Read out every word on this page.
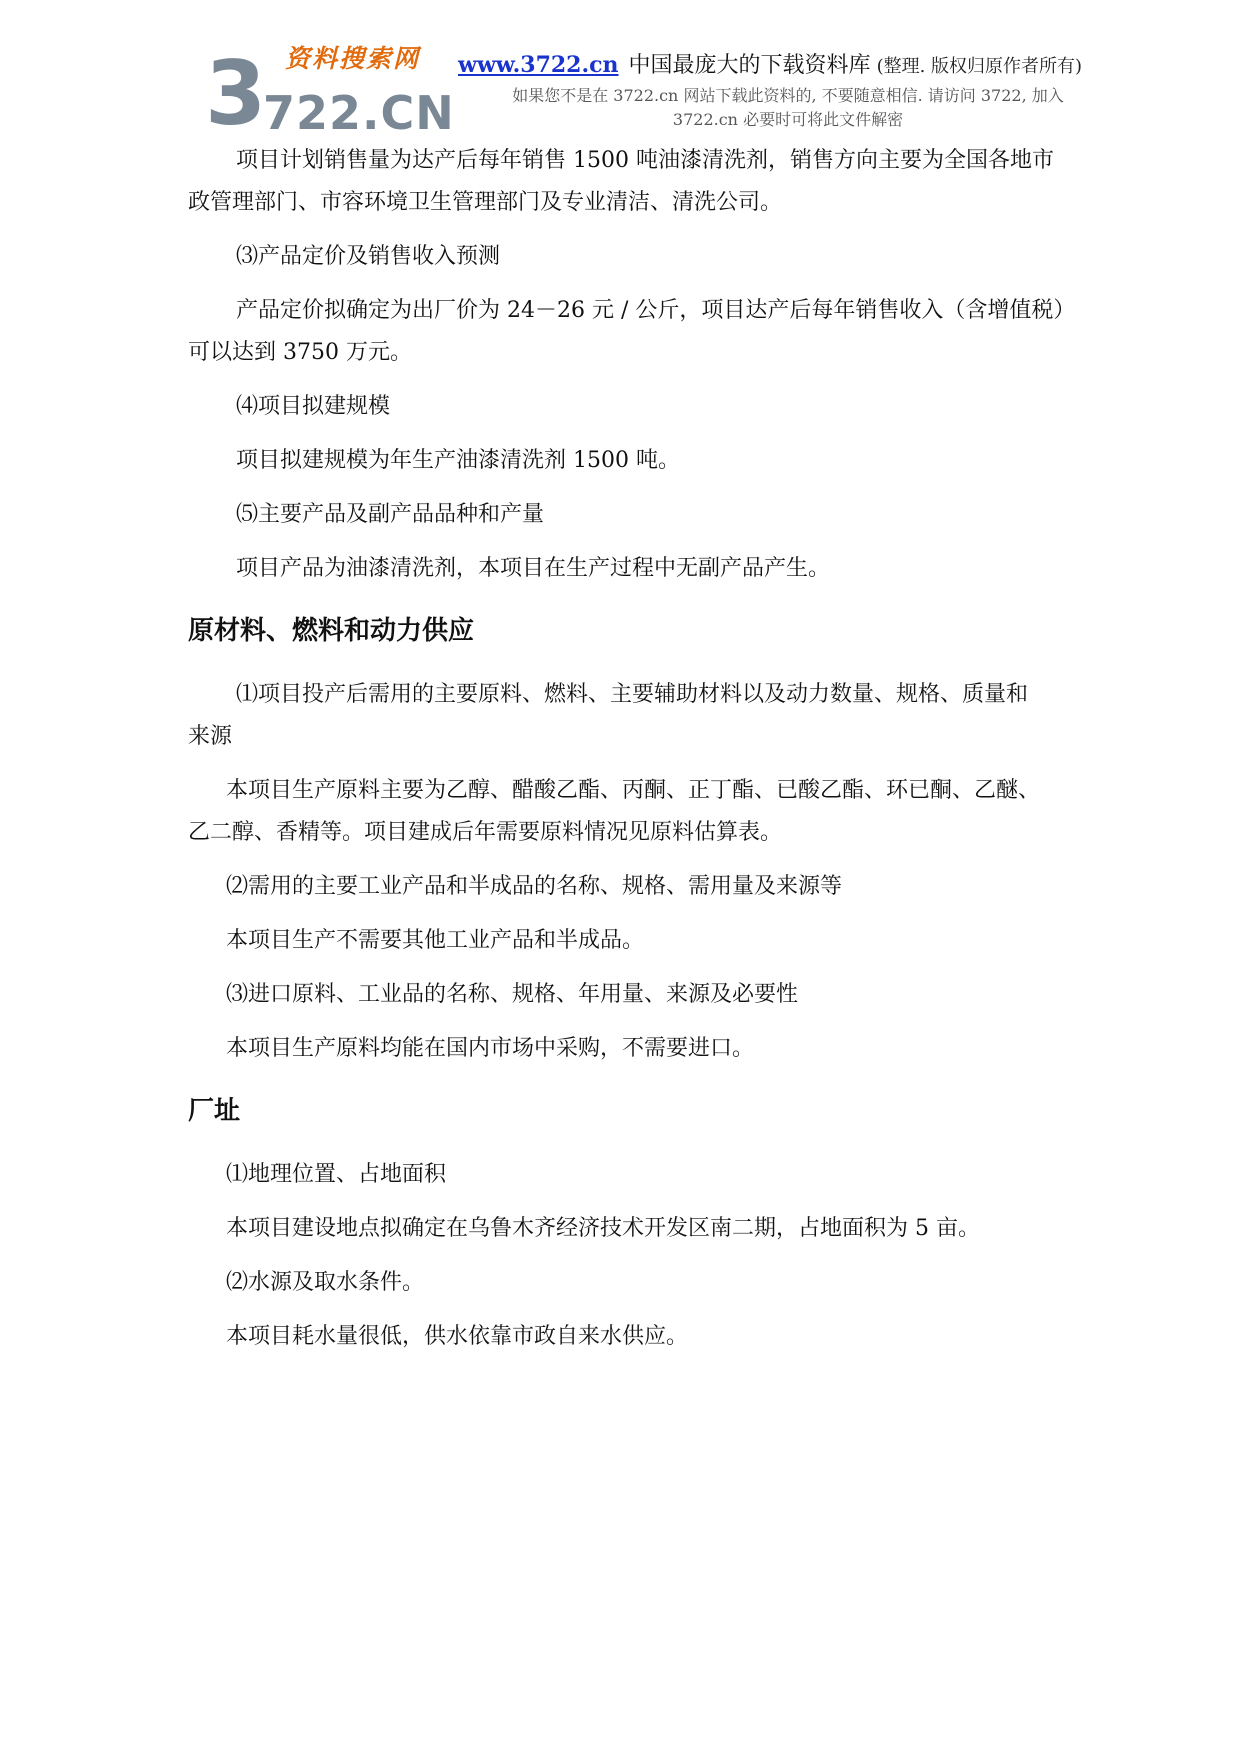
3 资料搜索网
722.CN
www.3722.cn 中国最庞大的下载资料库 (整理. 版权归原作者所有)
如果您不是在 3722.cn 网站下载此资料的, 不要随意相信. 请访问 3722, 加入
3722.cn 必要时可将此文件解密

项目计划销售量为达产后每年销售 1500 吨油漆清洗剂，销售方向主要为全国各地市

政管理部门、市容环境卫生管理部门及专业清洁、清洗公司。

⑶产品定价及销售收入预测

产品定价拟确定为出厂价为 24－26 元 / 公斤，项目达产后每年销售收入（含增值税）

可以达到 3750 万元。

⑷项目拟建规模

项目拟建规模为年生产油漆清洗剂 1500 吨。

⑸主要产品及副产品品种和产量

项目产品为油漆清洗剂，本项目在生产过程中无副产品产生。

原材料、燃料和动力供应

⑴项目投产后需用的主要原料、燃料、主要辅助材料以及动力数量、规格、质量和

来源

本项目生产原料主要为乙醇、醋酸乙酯、丙酮、正丁酯、已酸乙酯、环已酮、乙醚、

乙二醇、香精等。项目建成后年需要原料情况见原料估算表。

⑵需用的主要工业产品和半成品的名称、规格、需用量及来源等

本项目生产不需要其他工业产品和半成品。

⑶进口原料、工业品的名称、规格、年用量、来源及必要性

本项目生产原料均能在国内市场中采购，不需要进口。

厂址

⑴地理位置、占地面积

本项目建设地点拟确定在乌鲁木齐经济技术开发区南二期，占地面积为 5 亩。

⑵水源及取水条件。

本项目耗水量很低，供水依靠市政自来水供应。
